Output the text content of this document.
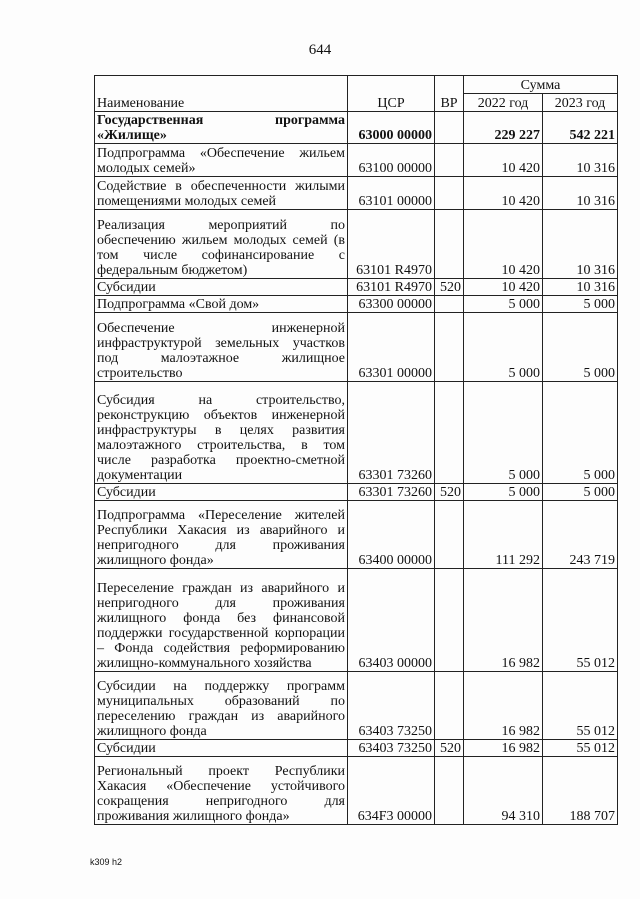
644
Наименование	ЦСР	ВР	Сумма	
			2022 год	2023 год
Государственная программа «Жилище»	63000 00000		229 227	542 221
Подпрограмма «Обеспечение жильем молодых семей»	63100 00000		10 420	10 316
Содействие в обеспеченности жилыми помещениями молодых семей	63101 00000		10 420	10 316
Реализация мероприятий по обеспечению жильем молодых семей (в том числе софинансирование с федеральным бюджетом)	63101 R4970		10 420	10 316
Субсидии	63101 R4970	520	10 420	10 316
Подпрограмма «Свой дом»	63300 00000		5 000	5 000
Обеспечение инженерной инфраструктурой земельных участков под малоэтажное жилищное строительство	63301 00000		5 000	5 000
Субсидия на строительство, реконструкцию объектов инженерной инфраструктуры в целях развития малоэтажного строительства, в том числе разработка проектно-сметной документации	63301 73260		5 000	5 000
Субсидии	63301 73260	520	5 000	5 000
Подпрограмма «Переселение жителей Республики Хакасия из аварийного и непригодного для проживания жилищного фонда»	63400 00000		111 292	243 719
Переселение граждан из аварийного и непригодного для проживания жилищного фонда без финансовой поддержки государственной корпорации – Фонда содействия реформированию жилищно-коммунального хозяйства	63403 00000		16 982	55 012
Субсидии на поддержку программ муниципальных образований по переселению граждан из аварийного жилищного фонда	63403 73250		16 982	55 012
Субсидии	63403 73250	520	16 982	55 012
Региональный проект Республики Хакасия «Обеспечение устойчивого сокращения непригодного для проживания жилищного фонда»	634F3 00000		94 310	188 707
k309 h2
